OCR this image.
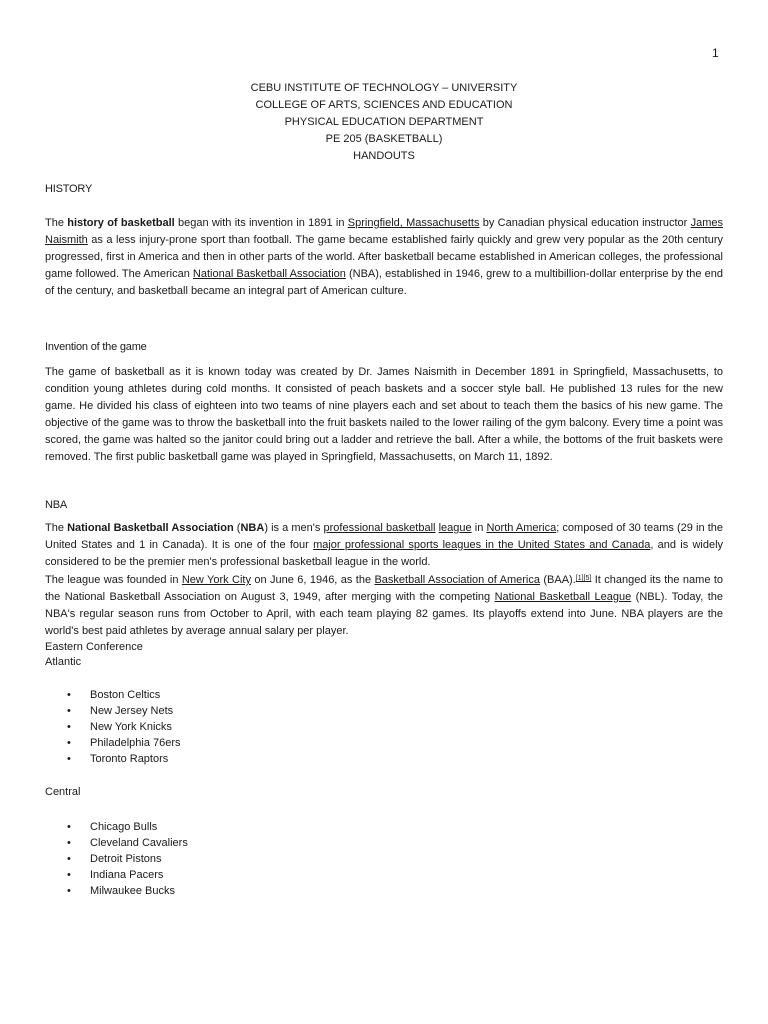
1
CEBU INSTITUTE OF TECHNOLOGY – UNIVERSITY
COLLEGE OF ARTS, SCIENCES AND EDUCATION
PHYSICAL EDUCATION DEPARTMENT
PE 205 (BASKETBALL)
HANDOUTS
HISTORY

The history of basketball began with its invention in 1891 in Springfield, Massachusetts by Canadian physical education instructor James Naismith as a less injury-prone sport than football. The game became established fairly quickly and grew very popular as the 20th century progressed, first in America and then in other parts of the world. After basketball became established in American colleges, the professional game followed. The American National Basketball Association (NBA), established in 1946, grew to a multibillion-dollar enterprise by the end of the century, and basketball became an integral part of American culture.

Invention of the game

The game of basketball as it is known today was created by Dr. James Naismith in December 1891 in Springfield, Massachusetts, to condition young athletes during cold months. It consisted of peach baskets and a soccer style ball. He published 13 rules for the new game. He divided his class of eighteen into two teams of nine players each and set about to teach them the basics of his new game. The objective of the game was to throw the basketball into the fruit baskets nailed to the lower railing of the gym balcony. Every time a point was scored, the game was halted so the janitor could bring out a ladder and retrieve the ball. After a while, the bottoms of the fruit baskets were removed. The first public basketball game was played in Springfield, Massachusetts, on March 11, 1892.

NBA

The National Basketball Association (NBA) is a men's professional basketball league in North America; composed of 30 teams (29 in the United States and 1 in Canada). It is one of the four major professional sports leagues in the United States and Canada, and is widely considered to be the premier men's professional basketball league in the world.

The league was founded in New York City on June 6, 1946, as the Basketball Association of America (BAA).[1][5] It changed its the name to the National Basketball Association on August 3, 1949, after merging with the competing National Basketball League (NBL). Today, the NBA's regular season runs from October to April, with each team playing 82 games. Its playoffs extend into June. NBA players are the world's best paid athletes by average annual salary per player.

Eastern Conference
Atlantic
• Boston Celtics
• New Jersey Nets
• New York Knicks
• Philadelphia 76ers
• Toronto Raptors
Central
• Chicago Bulls
• Cleveland Cavaliers
• Detroit Pistons
• Indiana Pacers
• Milwaukee Bucks
